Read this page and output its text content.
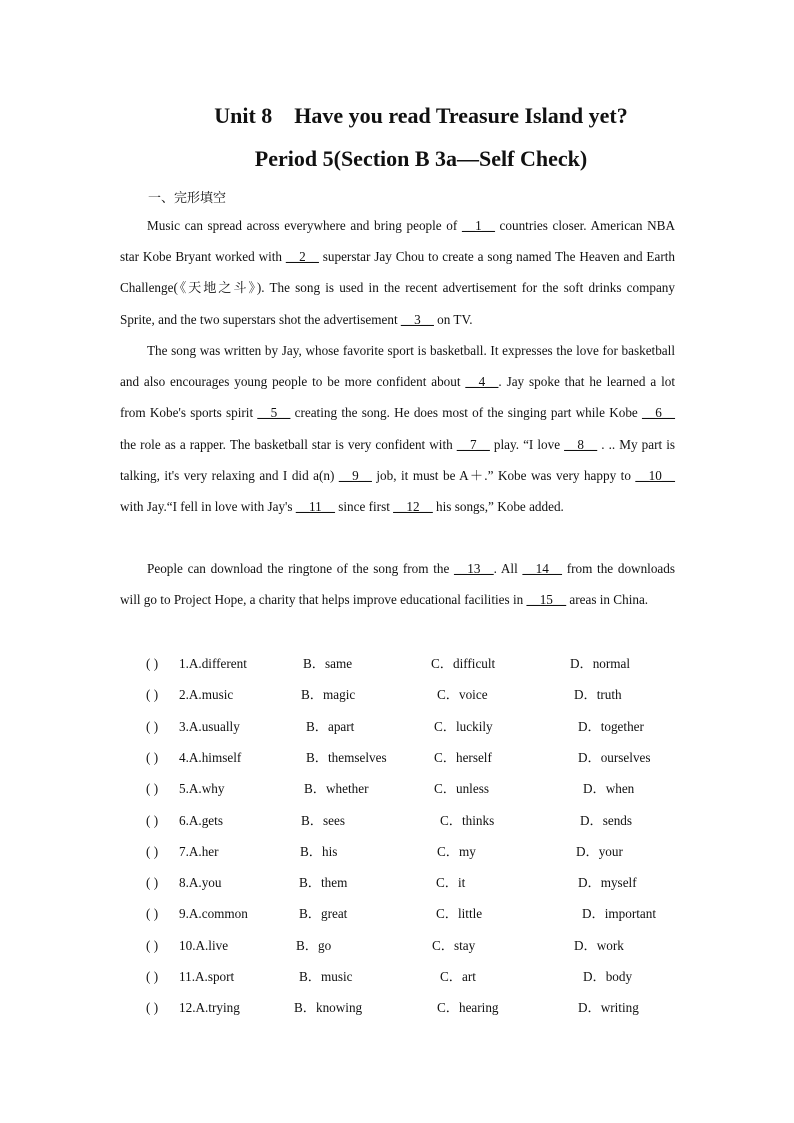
Unit 8    Have you read Treasure Island yet?
Period 5(Section B 3a—Self Check)
一、完形填空
Music can spread across everywhere and bring people of __1__ countries closer. American NBA star Kobe Bryant worked with __2__ superstar Jay Chou to create a song named The Heaven and Earth Challenge(《天地之斗》). The song is used in the recent advertisement for the soft drinks company Sprite, and the two superstars shot the advertisement __3__ on TV.
The song was written by Jay, whose favorite sport is basketball. It expresses the love for basketball and also encourages young people to be more confident about __4__. Jay spoke that he learned a lot from Kobe's sports spirit __5__ creating the song. He does most of the singing part while Kobe __6__ the role as a rapper. The basketball star is very confident with __7__ play. “I love __8__ . .. My part is talking, it's very relaxing and I did a(n) __9__ job, it must be A＋.” Kobe was very happy to __10__ with Jay.“I fell in love with Jay's __11__ since first __12__ his songs,” Kobe added.
People can download the ringtone of the song from the __13__. All __14__ from the downloads will go to Project Hope, a charity that helps improve educational facilities in __15__ areas in China.
( ) 1.A.different	B．same	C．difficult	D．normal
( ) 2.A.music	B．magic	C．voice	D．truth
( ) 3.A.usually	B．apart	C．luckily	D．together
( ) 4.A.himself	B．themselves	C．herself	D．ourselves
( ) 5.A.why	B．whether	C．unless	D．when
( ) 6.A.gets	B．sees	C．thinks	D．sends
( ) 7.A.her	B．his	C．my	D．your
( ) 8.A.you	B．them	C．it	D．myself
( ) 9.A.common	B．great	C．little	D．important
( ) 10.A.live	B．go	C．stay	D．work
( ) 11.A.sport	B．music	C．art	D．body
( ) 12.A.trying	B．knowing	C．hearing	D．writing
